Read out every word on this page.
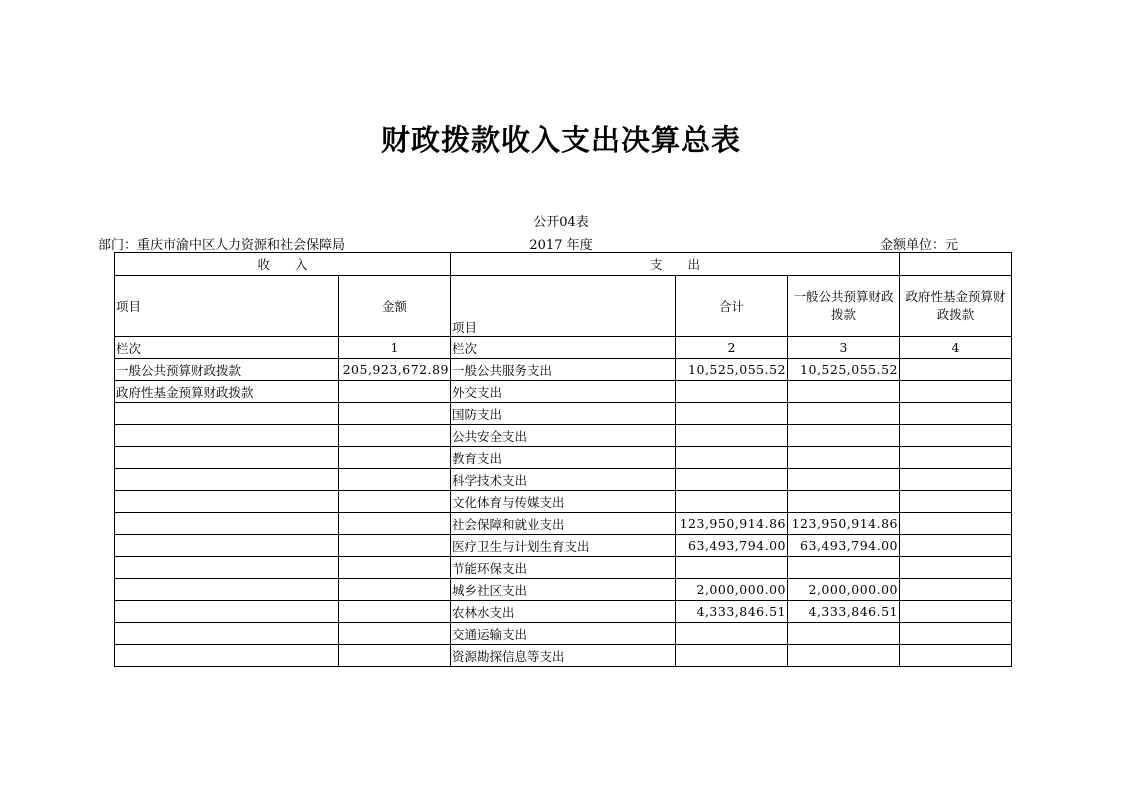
财政拨款收入支出决算总表
公开04表
部门：重庆市渝中区人力资源和社会保障局	2017 年度	金额单位：元
收　　入		支　　出			
项目	金额	项目	合计	一般公共预算财政拨款	政府性基金预算财政拨款
栏次	1	栏次	2	3	4
一般公共预算财政拨款	205,923,672.89	一般公共服务支出	10,525,055.52	10,525,055.52	
政府性基金预算财政拨款		外交支出			
		国防支出			
		公共安全支出			
		教育支出			
		科学技术支出			
		文化体育与传媒支出			
		社会保障和就业支出	123,950,914.86	123,950,914.86	
		医疗卫生与计划生育支出	63,493,794.00	63,493,794.00	
		节能环保支出			
		城乡社区支出	2,000,000.00	2,000,000.00	
		农林水支出	4,333,846.51	4,333,846.51	
		交通运输支出			
		资源勘探信息等支出			
